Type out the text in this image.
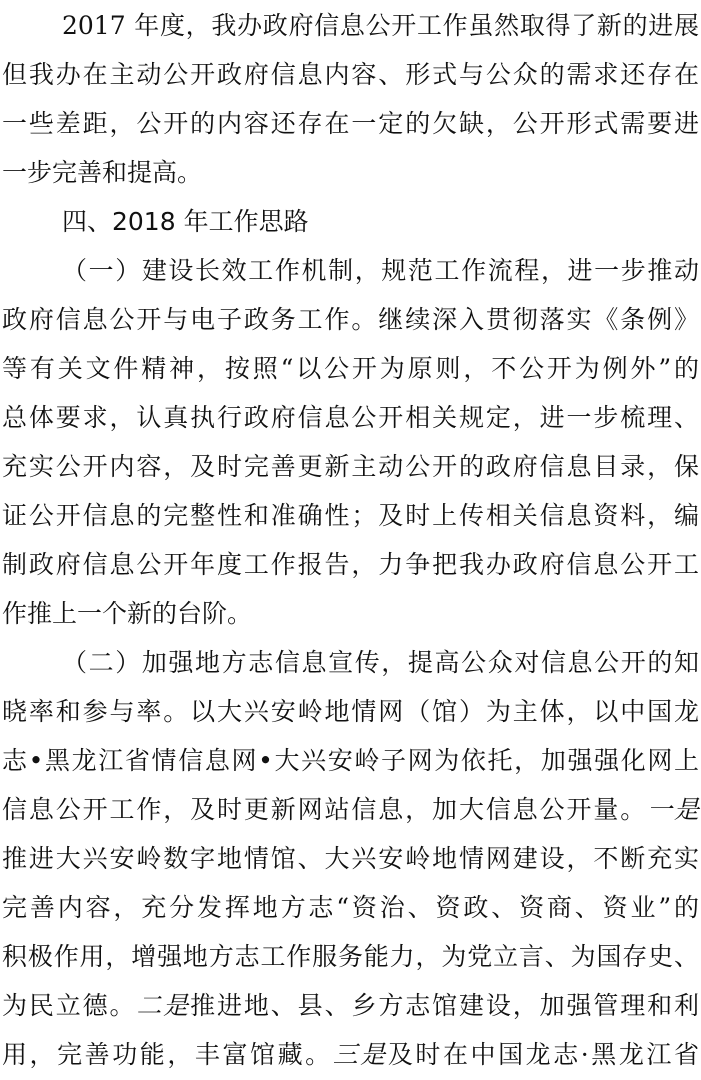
2017 年度，我办政府信息公开工作虽然取得了新的进展
但我办在主动公开政府信息内容、形式与公众的需求还存在
一些差距，公开的内容还存在一定的欠缺，公开形式需要进
一步完善和提高。
四、2018 年工作思路
（一）建设长效工作机制，规范工作流程，进一步推动
政府信息公开与电子政务工作。继续深入贯彻落实《条例》
等有关文件精神，按照“以公开为原则，不公开为例外”的
总体要求，认真执行政府信息公开相关规定，进一步梳理、
充实公开内容，及时完善更新主动公开的政府信息目录，保
证公开信息的完整性和准确性；及时上传相关信息资料，编
制政府信息公开年度工作报告，力争把我办政府信息公开工
作推上一个新的台阶。
（二）加强地方志信息宣传，提高公众对信息公开的知
晓率和参与率。以大兴安岭地情网（馆）为主体，以中国龙
志•黑龙江省情信息网•大兴安岭子网为依托，加强强化网上
信息公开工作，及时更新网站信息，加大信息公开量。一是
推进大兴安岭数字地情馆、大兴安岭地情网建设，不断充实
完善内容，充分发挥地方志“资治、资政、资商、资业”的
积极作用，增强地方志工作服务能力，为党立言、为国存史、
为民立德。二是推进地、县、乡方志馆建设，加强管理和利
用，完善功能，丰富馆藏。三是及时在中国龙志·黑龙江省
